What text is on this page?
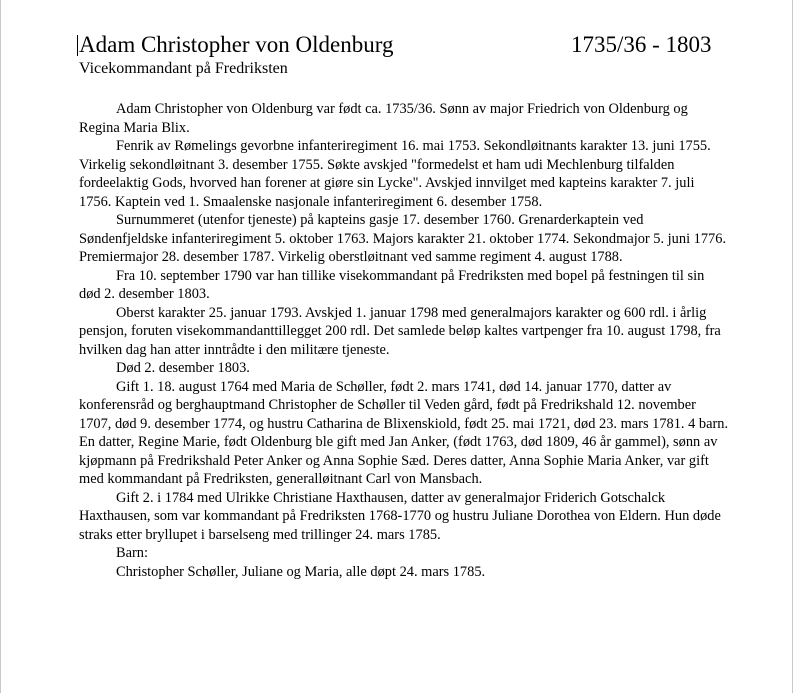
Adam Christopher von Oldenburg	1735/36 - 1803
Vicekommandant på Fredriksten

Adam Christopher von Oldenburg var født ca. 1735/36. Sønn av major Friedrich von Oldenburg og Regina Maria Blix.

Fenrik av Rømelings gevorbne infanteriregiment 16. mai 1753. Sekondløitnants karakter 13. juni 1755. Virkelig sekondløitnant 3. desember 1755. Søkte avskjed "formedelst et ham udi Mechlenburg tilfalden fordeelaktig Gods, hvorved han forener at giøre sin Lycke". Avskjed innvilget med kapteins karakter 7. juli 1756. Kaptein ved 1. Smaalenske nasjonale infanteriregiment 6. desember 1758.

Surnummeret (utenfor tjeneste) på kapteins gasje 17. desember 1760. Grenarderkaptein ved Søndenfjeldske infanteriregiment 5. oktober 1763. Majors karakter 21. oktober 1774. Sekondmajor 5. juni 1776. Premiermajor 28. desember 1787. Virkelig oberstløitnant ved samme regiment 4. august 1788.

Fra 10. september 1790 var han tillike visekommandant på Fredriksten med bopel på festningen til sin død 2. desember 1803.

Oberst karakter 25. januar 1793. Avskjed 1. januar 1798 med generalmajors karakter og 600 rdl. i årlig pensjon, foruten visekommandanttillegget 200 rdl. Det samlede beløp kaltes vartpenger fra 10. august 1798, fra hvilken dag han atter inntrådte i den militære tjeneste.

Død 2. desember 1803.

Gift 1. 18. august 1764 med Maria de Schøller, født 2. mars 1741, død 14. januar 1770, datter av konferensråd og berghauptmand Christopher de Schøller til Veden gård, født på Fredrikshald 12. november 1707, død 9. desember 1774, og hustru Catharina de Blixenskiold, født 25. mai 1721, død 23. mars 1781. 4 barn. En datter, Regine Marie, født Oldenburg ble gift med Jan Anker, (født 1763, død 1809, 46 år gammel), sønn av kjøpmann på Fredrikshald Peter Anker og Anna Sophie Sæd. Deres datter, Anna Sophie Maria Anker, var gift med kommandant på Fredriksten, generalløitnant Carl von Mansbach.

Gift 2. i 1784 med Ulrikke Christiane Haxthausen, datter av generalmajor Friderich Gotschalck Haxthausen, som var kommandant på Fredriksten 1768-1770 og hustru Juliane Dorothea von Eldern. Hun døde straks etter bryllupet i barselseng med trillinger 24. mars 1785.

Barn:

Christopher Schøller, Juliane og Maria, alle døpt 24. mars 1785.
